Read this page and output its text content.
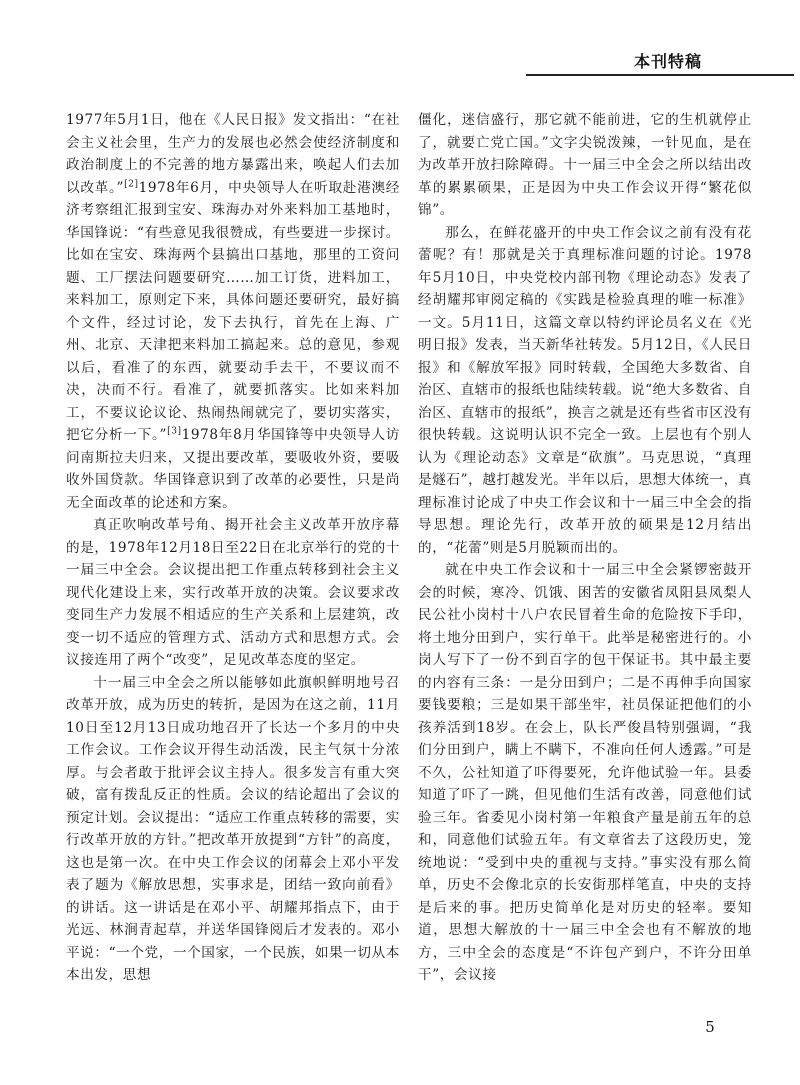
本刊特稿

1977年5月1日，他在《人民日报》发文指出：“在社会主义社会里，生产力的发展也必然会使经济制度和政治制度上的不完善的地方暴露出来，唤起人们去加以改革。”[2]1978年6月，中央领导人在听取赴港澳经济考察组汇报到宝安、珠海办对外来料加工基地时，华国锋说：“有些意见我很赞成，有些要进一步探讨。比如在宝安、珠海两个县搞出口基地，那里的工资问题、工厂摆法问题要研究……加工订货，进料加工，来料加工，原则定下来，具体问题还要研究，最好搞个文件，经过讨论，发下去执行，首先在上海、广州、北京、天津把来料加工搞起来。总的意见，参观以后，看准了的东西，就要动手去干，不要议而不决，决而不行。看准了，就要抓落实。比如来料加工，不要议论议论、热闹热闹就完了，要切实落实，把它分析一下。”[3]1978年8月华国锋等中央领导人访问南斯拉夫归来，又提出要改革，要吸收外资，要吸收外国贷款。华国锋意识到了改革的必要性，只是尚无全面改革的论述和方案。

真正吹响改革号角、揭开社会主义改革开放序幕的是，1978年12月18日至22日在北京举行的党的十一届三中全会。会议提出把工作重点转移到社会主义现代化建设上来，实行改革开放的决策。会议要求改变同生产力发展不相适应的生产关系和上层建筑，改变一切不适应的管理方式、活动方式和思想方式。会议接连用了两个“改变”，足见改革态度的坚定。

十一届三中全会之所以能够如此旗帜鲜明地号召改革开放，成为历史的转折，是因为在这之前，11月10日至12月13日成功地召开了长达一个多月的中央工作会议。工作会议开得生动活泼，民主气氛十分浓厚。与会者敢于批评会议主持人。很多发言有重大突破，富有拨乱反正的性质。会议的结论超出了会议的预定计划。会议提出：“适应工作重点转移的需要，实行改革开放的方针。”把改革开放提到“方针”的高度，这也是第一次。在中央工作会议的闭幕会上邓小平发表了题为《解放思想，实事求是，团结一致向前看》的讲话。这一讲话是在邓小平、胡耀邦指点下，由于光远、林涧青起草，并送华国锋阅后才发表的。邓小平说：“一个党，一个国家，一个民族，如果一切从本本出发，思想

僵化，迷信盛行，那它就不能前进，它的生机就停止了，就要亡党亡国。”文字尖锐泼辣，一针见血，是在为改革开放扫除障碍。十一届三中全会之所以结出改革的累累硕果，正是因为中央工作会议开得“繁花似锦”。

那么，在鲜花盛开的中央工作会议之前有没有花蕾呢？有！那就是关于真理标准问题的讨论。1978年5月10日，中央党校内部刊物《理论动态》发表了经胡耀邦审阅定稿的《实践是检验真理的唯一标准》一文。5月11日，这篇文章以特约评论员名义在《光明日报》发表，当天新华社转发。5月12日，《人民日报》和《解放军报》同时转载，全国绝大多数省、自治区、直辖市的报纸也陆续转载。说“绝大多数省、自治区、直辖市的报纸”，换言之就是还有些省市区没有很快转载。这说明认识不完全一致。上层也有个别人认为《理论动态》文章是“砍旗”。马克思说，“真理是燧石”，越打越发光。半年以后，思想大体统一，真理标准讨论成了中央工作会议和十一届三中全会的指导思想。理论先行，改革开放的硕果是12月结出的，“花蕾”则是5月脱颖而出的。

就在中央工作会议和十一届三中全会紧锣密鼓开会的时候，寒冷、饥饿、困苦的安徽省凤阳县凤梨人民公社小岗村十八户农民冒着生命的危险按下手印，将土地分田到户，实行单干。此举是秘密进行的。小岗人写下了一份不到百字的包干保证书。其中最主要的内容有三条：一是分田到户；二是不再伸手向国家要钱要粮；三是如果干部坐牢，社员保证把他们的小孩养活到18岁。在会上，队长严俊昌特别强调，“我们分田到户，瞒上不瞒下，不准向任何人透露。”可是不久，公社知道了吓得要死，允许他试验一年。县委知道了吓了一跳，但见他们生活有改善，同意他们试验三年。省委见小岗村第一年粮食产量是前五年的总和，同意他们试验五年。有文章省去了这段历史，笼统地说：“受到中央的重视与支持。”事实没有那么简单，历史不会像北京的长安街那样笔直，中央的支持是后来的事。把历史简单化是对历史的轻率。要知道，思想大解放的十一届三中全会也有不解放的地方，三中全会的态度是“不许包产到户，不许分田单干”，会议接

5
